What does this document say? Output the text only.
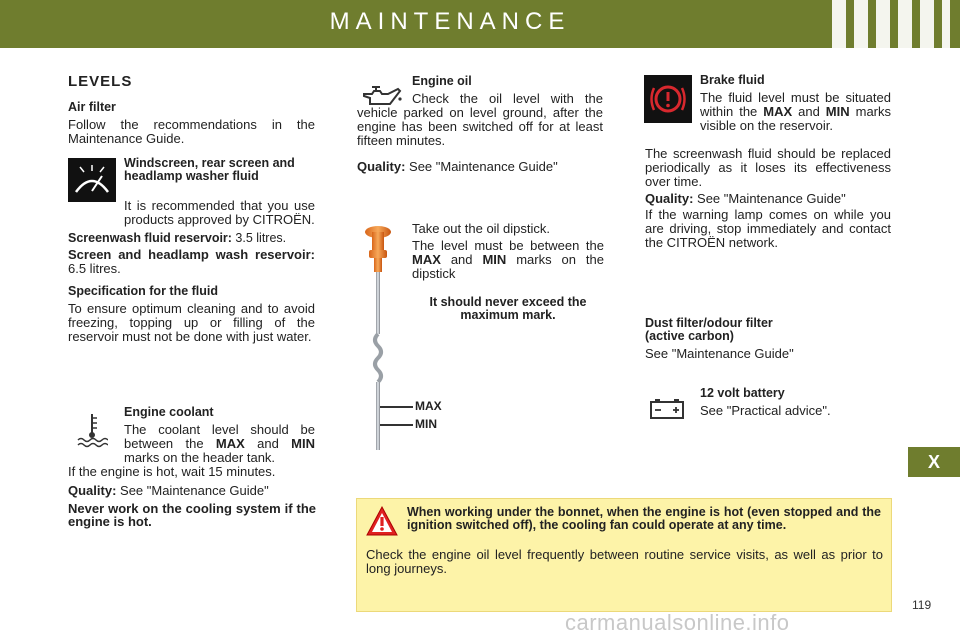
MAINTENANCE
X
LEVELS

Air filter

Follow the recommendations in the Maintenance Guide.

Windscreen, rear screen and headlamp washer fluid

It is recommended that you use products approved by CITROËN.

Screenwash fluid reservoir: 3.5 litres.

Screen and headlamp wash reservoir: 6.5 litres.

Specification for the fluid

To ensure optimum cleaning and to avoid freezing, topping up or filling of the reservoir must not be done with just water.

Engine coolant

The coolant level should be between the MAX and MIN marks on the header tank.

If the engine is hot, wait 15 minutes.

Quality: See "Maintenance Guide"

Never work on the cooling system if the engine is hot.

Engine oil

Check the oil level with the vehicle parked on level ground, after the engine has been switched off for at least fifteen minutes.

Quality: See "Maintenance Guide"

Take out the oil dipstick.

The level must be between the MAX and MIN marks on the dipstick

It should never exceed the maximum mark.

MAX
MIN

Brake fluid

The fluid level must be situated within the MAX and MIN marks visible on the reservoir.

The screenwash fluid should be replaced periodically as it loses its effectiveness over time.

Quality: See "Maintenance Guide"

If the warning lamp comes on while you are driving, stop immediately and contact the CITROËN network.

Dust filter/odour filter
(active carbon)

See "Maintenance Guide"

12 volt battery

See "Practical advice".

When working under the bonnet, when the engine is hot (even stopped and the ignition switched off), the cooling fan could operate at any time.

Check the engine oil level frequently between routine service visits, as well as prior to long journeys.

119
carmanualsonline.info
